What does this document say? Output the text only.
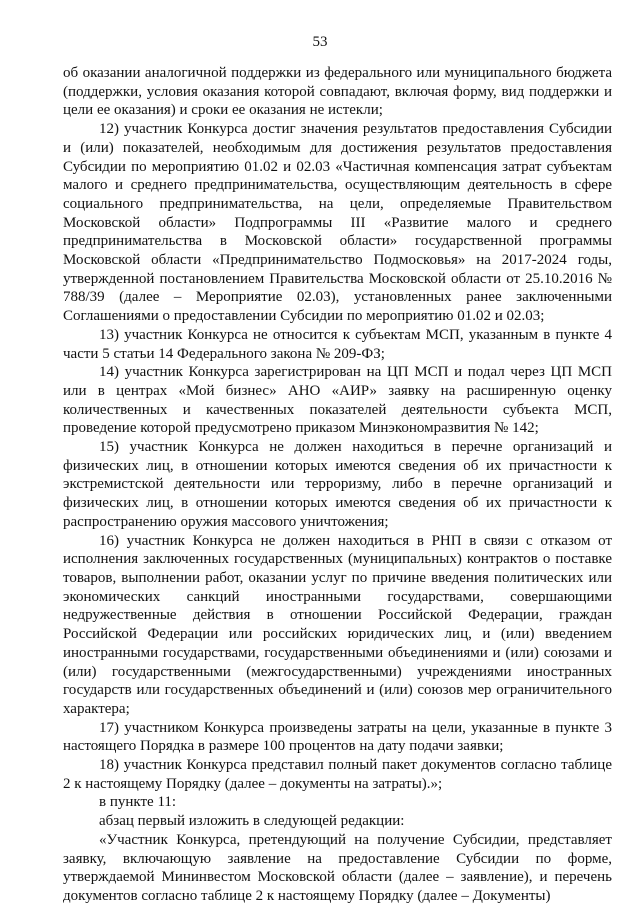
53

об оказании аналогичной поддержки из федерального или муниципального бюджета (поддержки, условия оказания которой совпадают, включая форму, вид поддержки и цели ее оказания) и сроки ее оказания не истекли;

12) участник Конкурса достиг значения результатов предоставления Субсидии и (или) показателей, необходимым для достижения результатов предоставления Субсидии по мероприятию 01.02 и 02.03 «Частичная компенсация затрат субъектам малого и среднего предпринимательства, осуществляющим деятельность в сфере социального предпринимательства, на цели, определяемые Правительством Московской области» Подпрограммы III «Развитие малого и среднего предпринимательства в Московской области» государственной программы Московской области «Предпринимательство Подмосковья» на 2017-2024 годы, утвержденной постановлением Правительства Московской области от 25.10.2016 № 788/39 (далее – Мероприятие 02.03), установленных ранее заключенными Соглашениями о предоставлении Субсидии по мероприятию 01.02 и 02.03;

13) участник Конкурса не относится к субъектам МСП, указанным в пункте 4 части 5 статьи 14 Федерального закона № 209-ФЗ;

14) участник Конкурса зарегистрирован на ЦП МСП и подал через ЦП МСП или в центрах «Мой бизнес» АНО «АИР» заявку на расширенную оценку количественных и качественных показателей деятельности субъекта МСП, проведение которой предусмотрено приказом Минэкономразвития № 142;

15) участник Конкурса не должен находиться в перечне организаций и физических лиц, в отношении которых имеются сведения об их причастности к экстремистской деятельности или терроризму, либо в перечне организаций и физических лиц, в отношении которых имеются сведения об их причастности к распространению оружия массового уничтожения;

16) участник Конкурса не должен находиться в РНП в связи с отказом от исполнения заключенных государственных (муниципальных) контрактов о поставке товаров, выполнении работ, оказании услуг по причине введения политических или экономических санкций иностранными государствами, совершающими недружественные действия в отношении Российской Федерации, граждан Российской Федерации или российских юридических лиц, и (или) введением иностранными государствами, государственными объединениями и (или) союзами и (или) государственными (межгосударственными) учреждениями иностранных государств или государственных объединений и (или) союзов мер ограничительного характера;

17) участником Конкурса произведены затраты на цели, указанные в пункте 3 настоящего Порядка в размере 100 процентов на дату подачи заявки;

18) участник Конкурса представил полный пакет документов согласно таблице 2 к настоящему Порядку (далее – документы на затраты).»;

в пункте 11:

абзац первый изложить в следующей редакции:

«Участник Конкурса, претендующий на получение Субсидии, представляет заявку, включающую заявление на предоставление Субсидии по форме, утверждаемой Мининвестом Московской области (далее – заявление), и перечень документов согласно таблице 2 к настоящему Порядку (далее – Документы)
